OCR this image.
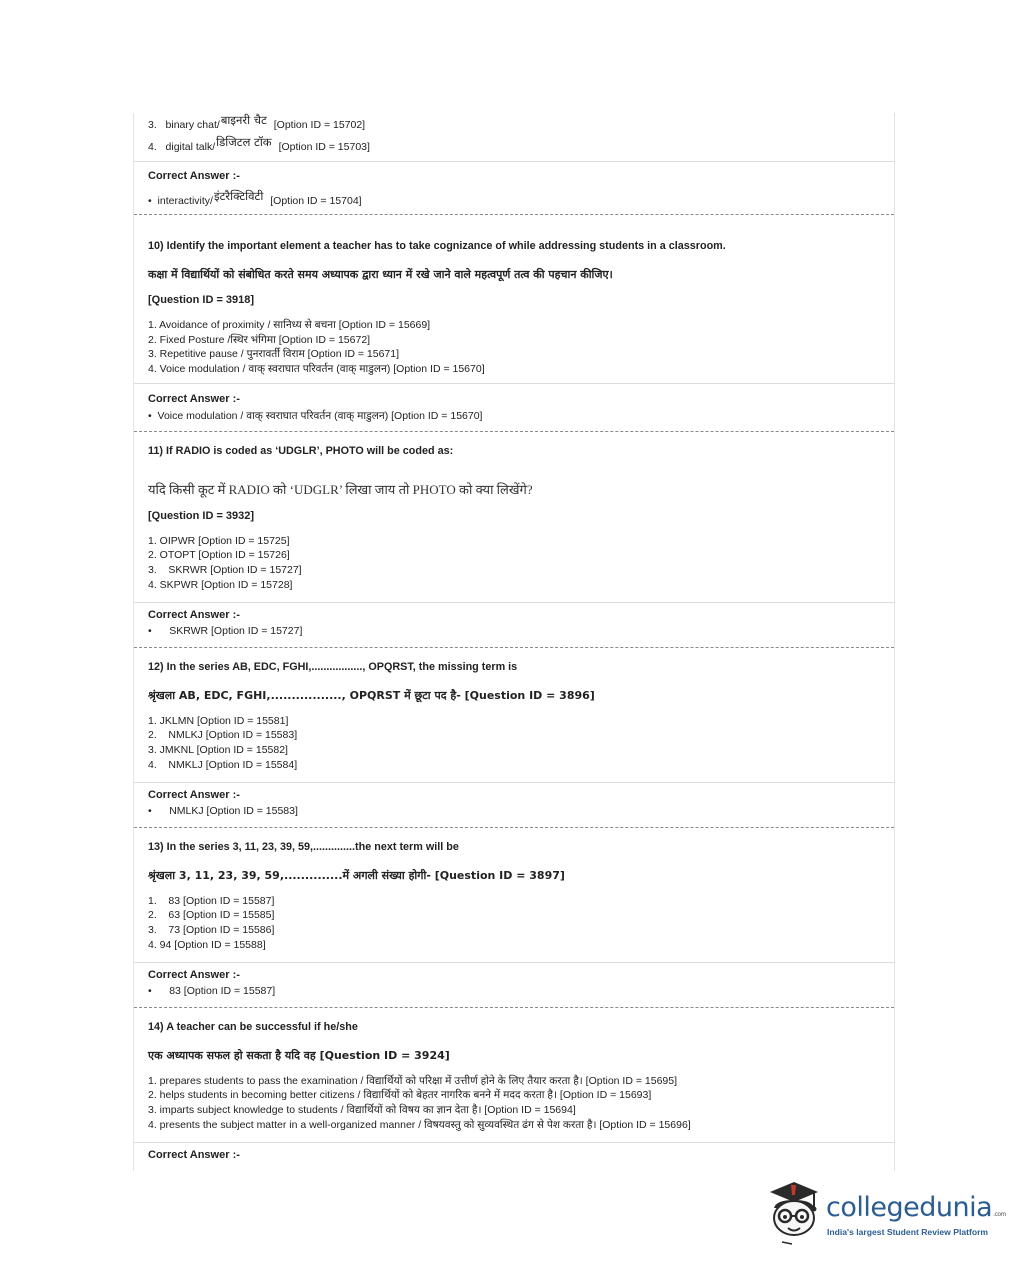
3. binary chat/बाइनरी चैट [Option ID = 15702]
4. digital talk/डिजिटल टॉक [Option ID = 15703]
Correct Answer :-
• interactivity/इंटरैक्टिविटी [Option ID = 15704]
10) Identify the important element a teacher has to take cognizance of while addressing students in a classroom.
कक्षा में विद्यार्थियों को संबोधित करते समय अध्यापक द्वारा ध्यान में रखे जाने वाले महत्वपूर्ण तत्व की पहचान कीजिए।
[Question ID = 3918]
1. Avoidance of proximity / सानिध्य से बचना [Option ID = 15669]
2. Fixed Posture /स्थिर भंगिमा [Option ID = 15672]
3. Repetitive pause / पुनरावर्ती विराम [Option ID = 15671]
4. Voice modulation / वाक् स्वराघात परिवर्तन (वाक् माडुलन) [Option ID = 15670]
Correct Answer :-
• Voice modulation / वाक् स्वराघात परिवर्तन (वाक् माडुलन) [Option ID = 15670]
11) If RADIO is coded as ‘UDGLR’, PHOTO will be coded as:
यदि किसी कूट में RADIO को ‘UDGLR’ लिखा जाय तो PHOTO को क्या लिखेंगे?
[Question ID = 3932]
1. OIPWR [Option ID = 15725]
2. OTOPT [Option ID = 15726]
3.    SKRWR [Option ID = 15727]
4. SKPWR [Option ID = 15728]
Correct Answer :-
• SKRWR [Option ID = 15727]
12) In the series AB, EDC, FGHI,................., OPQRST, the missing term is
श्रृंखला AB, EDC, FGHI,................., OPQRST में छूटा पद है- [Question ID = 3896]
1. JKLMN [Option ID = 15581]
2.    NMLKJ [Option ID = 15583]
3. JMKNL [Option ID = 15582]
4.    NMKLJ [Option ID = 15584]
Correct Answer :-
• NMLKJ [Option ID = 15583]
13) In the series 3, 11, 23, 39, 59,..............the next term will be
श्रृंखला 3, 11, 23, 39, 59,..............में अगली संख्या होगी- [Question ID = 3897]
1.    83 [Option ID = 15587]
2.    63 [Option ID = 15585]
3.    73 [Option ID = 15586]
4. 94 [Option ID = 15588]
Correct Answer :-
• 83 [Option ID = 15587]
14) A teacher can be successful if he/she
एक अध्यापक सफल हो सकता है यदि वह [Question ID = 3924]
1. prepares students to pass the examination / विद्यार्थियों को परिक्षा में उत्तीर्ण होने के लिए तैयार करता है। [Option ID = 15695]
2. helps students in becoming better citizens / विद्यार्थियों को बेहतर नागरिक बनने में मदद करता है। [Option ID = 15693]
3. imparts subject knowledge to students / विद्यार्थियों को विषय का ज्ञान देता है। [Option ID = 15694]
4. presents the subject matter in a well-organized manner / विषयवस्तु को सुव्यवस्थित ढंग से पेश करता है। [Option ID = 15696]
Correct Answer :-
collegedunia.com
India's largest Student Review Platform
